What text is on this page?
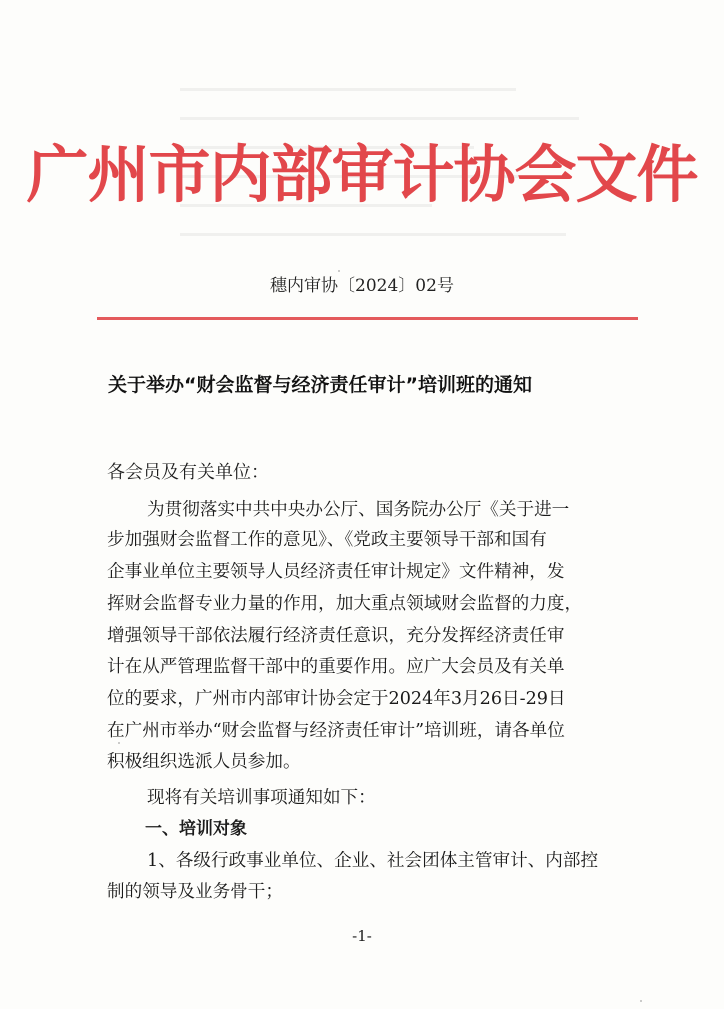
广州市内部审计协会文件
穗内审协〔2024〕02号
关于举办“财会监督与经济责任审计”培训班的通知
各会员及有关单位：
为贯彻落实中共中央办公厅、国务院办公厅《关于进一
步加强财会监督工作的意见》、《党政主要领导干部和国有
企事业单位主要领导人员经济责任审计规定》文件精神，发
挥财会监督专业力量的作用，加大重点领域财会监督的力度，
增强领导干部依法履行经济责任意识，充分发挥经济责任审
计在从严管理监督干部中的重要作用。应广大会员及有关单
位的要求，广州市内部审计协会定于2024年3月26日-29日
在广州市举办“财会监督与经济责任审计”培训班，请各单位
积极组织选派人员参加。
现将有关培训事项通知如下：
一、培训对象
1、各级行政事业单位、企业、社会团体主管审计、内部控
制的领导及业务骨干；
-1-
